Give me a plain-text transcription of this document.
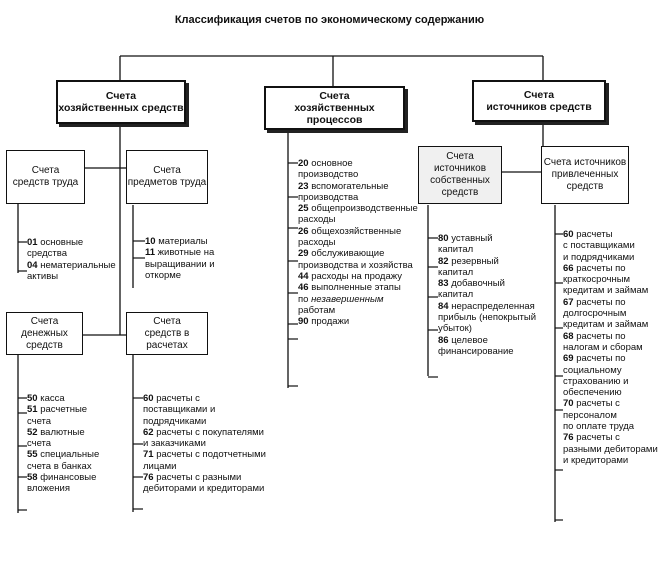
Классификация счетов по экономическому содержанию
Счета
хозяйственных средств
Счета
хозяйственных процессов
Счета
источников средств
Счета
средств труда
Счета
предметов труда
Счета
денежных средств
Счета
средств в расчетах
Счета источников
собственных
средств
Счета источников
привлеченных
средств
01 основные
средства
04 нематериальные
активы
10 материалы
11 животные на
выращивании и
откорме
50 касса
51 расчетные
счета
52 валютные
счета
55 специальные
счета в банках
58 финансовые
вложения
60 расчеты с
поставщиками и
подрядчиками
62 расчеты с покупателями
и заказчиками
71 расчеты с подотчетными
лицами
76 расчеты с разными
дебиторами и кредиторами
20 основное
производство
23 вспомогательные
производства
25 общепроизводственные
расходы
26 общехозяйственные
расходы
29 обслуживающие
производства и хозяйства
44 расходы на продажу
46 выполненные этапы
по незавершенным
работам
90 продажи
80 уставный
капитал
82 резервный
капитал
83 добавочный
капитал
84 нераспределенная
прибыль (непокрытый
убыток)
86 целевое
финансирование
60 расчеты
с поставщиками
и подрядчиками
66 расчеты по
краткосрочным
кредитам и займам
67 расчеты по
долгосрочным
кредитам и займам
68 расчеты по
налогам и сборам
69 расчеты по
социальному
страхованию и
обеспечению
70 расчеты с
персоналом
по оплате труда
76 расчеты с
разными дебиторами
и кредиторами
